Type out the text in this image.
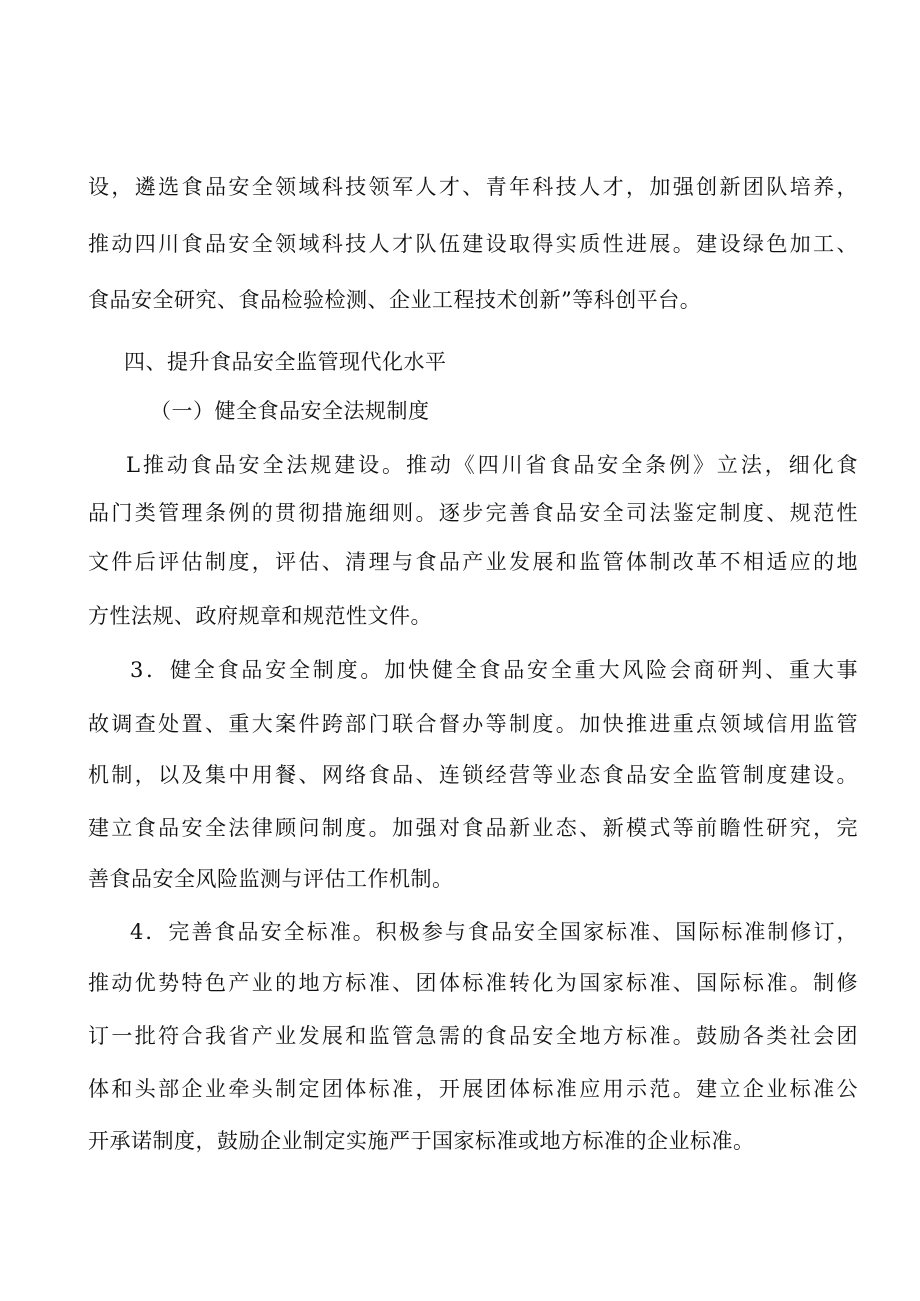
设，遴选食品安全领域科技领军人才、青年科技人才，加强创新团队培养，
推动四川食品安全领域科技人才队伍建设取得实质性进展。建设绿色加工、
食品安全研究、食品检验检测、企业工程技术创新”等科创平台。
四、提升食品安全监管现代化水平
（一）健全食品安全法规制度
L推动食品安全法规建设。推动《四川省食品安全条例》立法，细化食
品门类管理条例的贯彻措施细则。逐步完善食品安全司法鉴定制度、规范性
文件后评估制度，评估、清理与食品产业发展和监管体制改革不相适应的地
方性法规、政府规章和规范性文件。
3．健全食品安全制度。加快健全食品安全重大风险会商研判、重大事
故调查处置、重大案件跨部门联合督办等制度。加快推进重点领域信用监管
机制，以及集中用餐、网络食品、连锁经营等业态食品安全监管制度建设。
建立食品安全法律顾问制度。加强对食品新业态、新模式等前瞻性研究，完
善食品安全风险监测与评估工作机制。
4．完善食品安全标准。积极参与食品安全国家标准、国际标准制修订，
推动优势特色产业的地方标准、团体标准转化为国家标准、国际标准。制修
订一批符合我省产业发展和监管急需的食品安全地方标准。鼓励各类社会团
体和头部企业牵头制定团体标准，开展团体标准应用示范。建立企业标准公
开承诺制度，鼓励企业制定实施严于国家标准或地方标准的企业标准。
